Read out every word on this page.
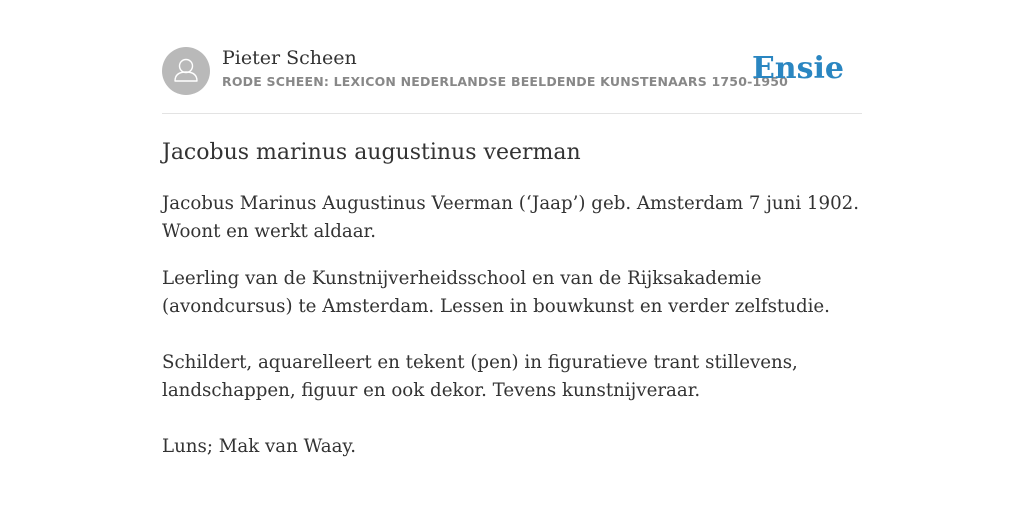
Pieter Scheen
RODE SCHEEN: LEXICON NEDERLANDSE BEELDENDE KUNSTENAARS 1750-1950
Ensie
Jacobus marinus augustinus veerman

Jacobus Marinus Augustinus Veerman (‘Jaap’) geb. Amsterdam 7 juni 1902. Woont en werkt aldaar.

Leerling van de Kunstnijverheidsschool en van de Rijksakademie (avondcursus) te Amsterdam. Lessen in bouwkunst en verder zelfstudie.

Schildert, aquarelleert en tekent (pen) in figuratieve trant stillevens, landschappen, figuur en ook dekor. Tevens kunstnijveraar.

Luns; Mak van Waay.
